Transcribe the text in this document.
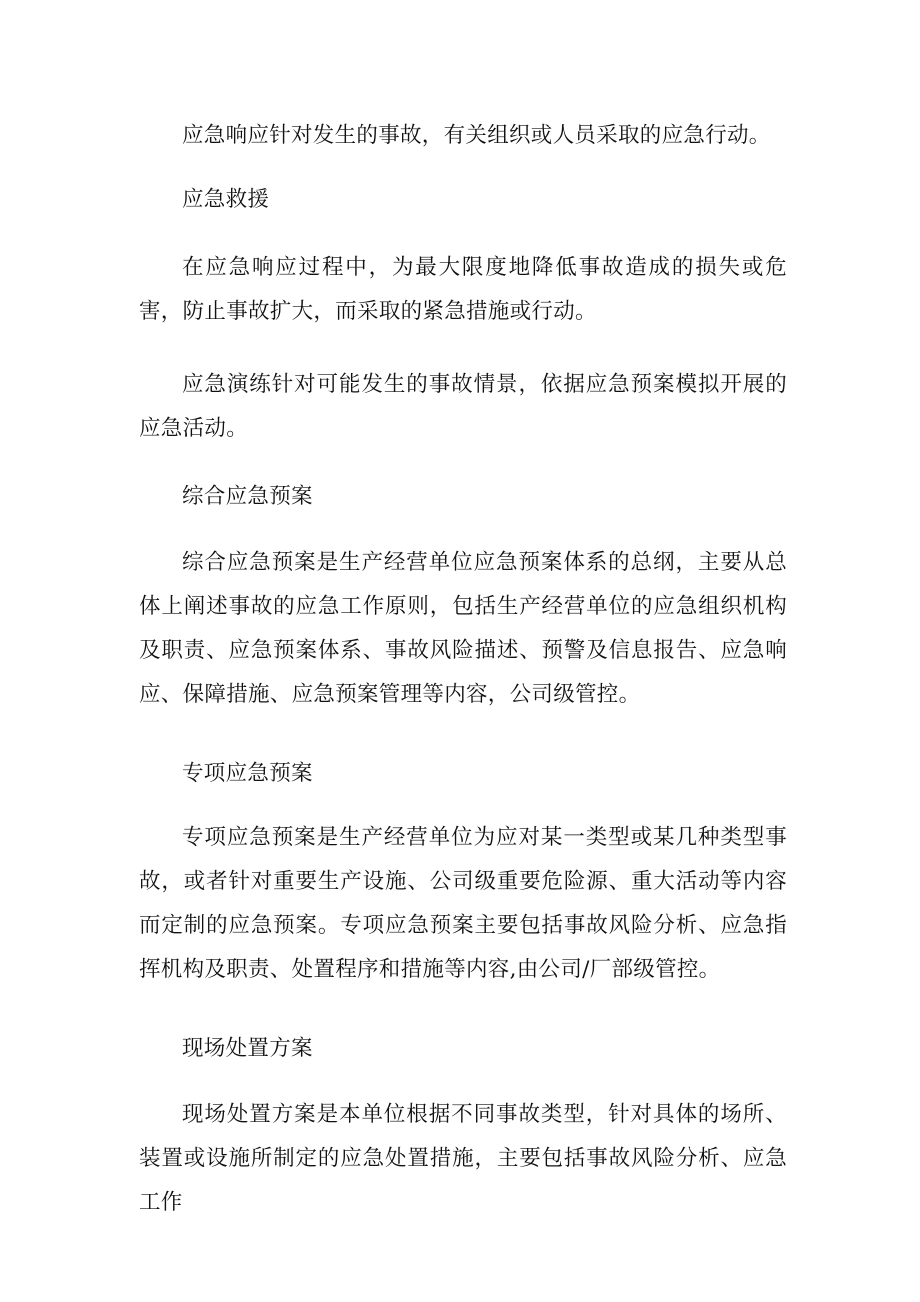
应急响应针对发生的事故，有关组织或人员采取的应急行动。

应急救援

在应急响应过程中，为最大限度地降低事故造成的损失或危害，防止事故扩大，而采取的紧急措施或行动。

应急演练针对可能发生的事故情景，依据应急预案模拟开展的应急活动。

综合应急预案

综合应急预案是生产经营单位应急预案体系的总纲，主要从总体上阐述事故的应急工作原则，包括生产经营单位的应急组织机构及职责、应急预案体系、事故风险描述、预警及信息报告、应急响应、保障措施、应急预案管理等内容，公司级管控。

专项应急预案

专项应急预案是生产经营单位为应对某一类型或某几种类型事故，或者针对重要生产设施、公司级重要危险源、重大活动等内容而定制的应急预案。专项应急预案主要包括事故风险分析、应急指挥机构及职责、处置程序和措施等内容,由公司/厂部级管控。

现场处置方案

现场处置方案是本单位根据不同事故类型，针对具体的场所、装置或设施所制定的应急处置措施，主要包括事故风险分析、应急工作
